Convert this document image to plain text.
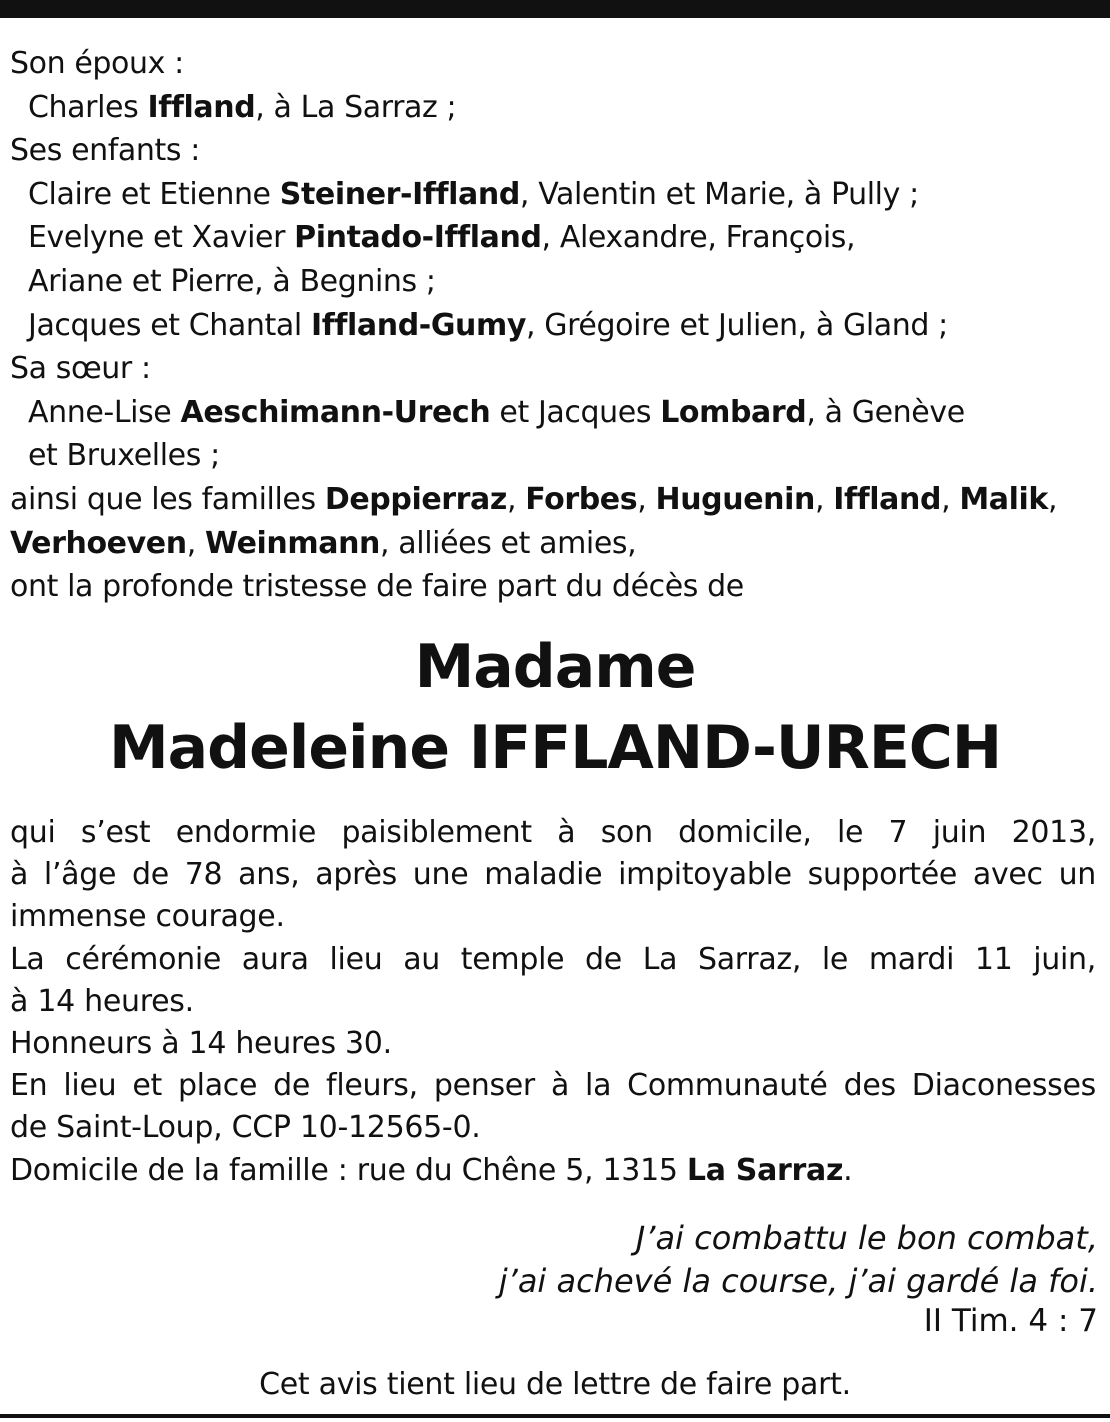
Son époux :
Charles Iffland, à La Sarraz ;
Ses enfants :
Claire et Etienne Steiner-Iffland, Valentin et Marie, à Pully ;
Evelyne et Xavier Pintado-Iffland, Alexandre, François,
Ariane et Pierre, à Begnins ;
Jacques et Chantal Iffland-Gumy, Grégoire et Julien, à Gland ;
Sa sœur :
Anne-Lise Aeschimann-Urech et Jacques Lombard, à Genève
et Bruxelles ;
ainsi que les familles Deppierraz, Forbes, Huguenin, Iffland, Malik,
Verhoeven, Weinmann, alliées et amies,
ont la profonde tristesse de faire part du décès de
Madame
Madeleine IFFLAND-URECH
qui s’est endormie paisiblement à son domicile, le 7 juin 2013,
à l’âge de 78 ans, après une maladie impitoyable supportée avec un
immense courage.
La cérémonie aura lieu au temple de La Sarraz, le mardi 11 juin,
à 14 heures.
Honneurs à 14 heures 30.
En lieu et place de fleurs, penser à la Communauté des Diaconesses
de Saint-Loup, CCP 10-12565-0.
Domicile de la famille : rue du Chêne 5, 1315 La Sarraz.
J’ai combattu le bon combat,
j’ai achevé la course, j’ai gardé la foi.
II Tim. 4 : 7
Cet avis tient lieu de lettre de faire part.
